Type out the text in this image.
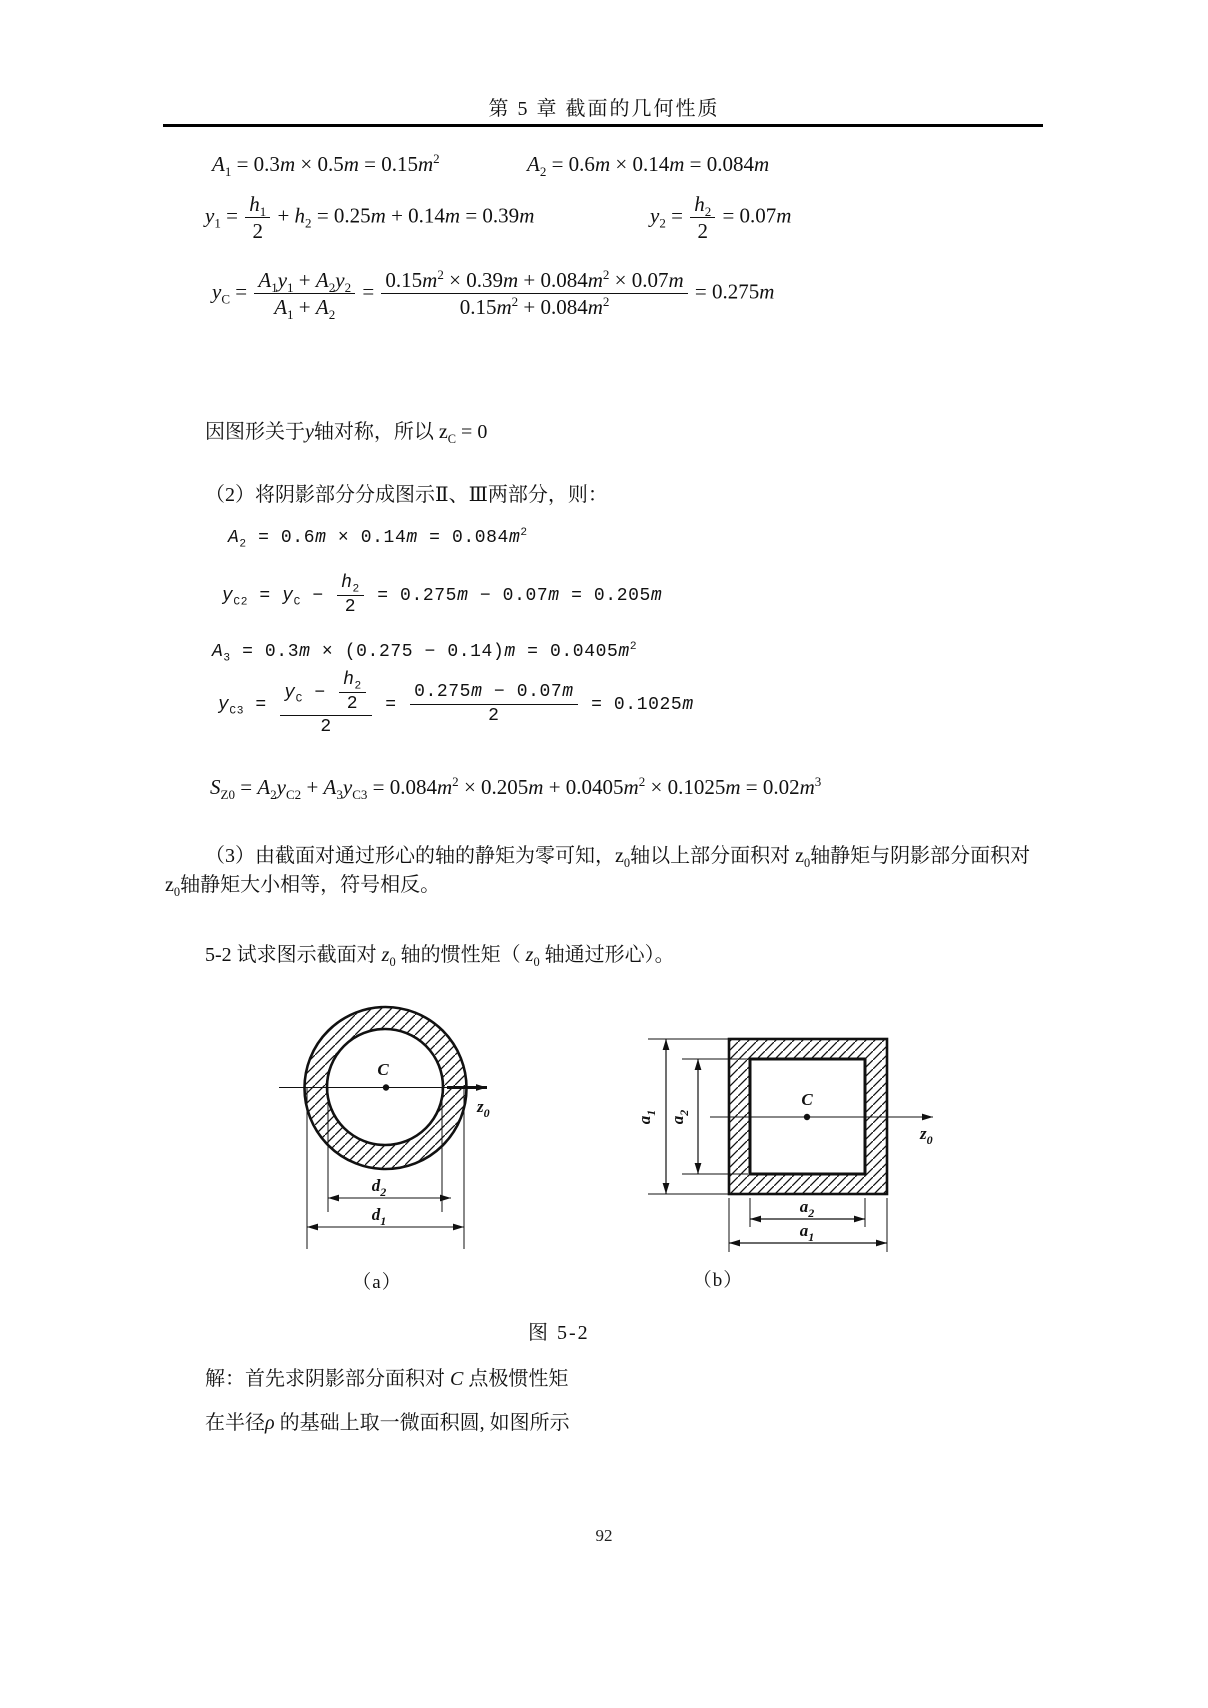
第 5 章 截面的几何性质
$A_1 = 0.3m \times 0.5m = 0.15m^2$	$A_2 = 0.6m \times 0.14m = 0.084m$
$y_1 = \frac{h_1}{2} + h_2 = 0.25m + 0.14m = 0.39m$	$y_2 = \frac{h_2}{2} = 0.07m$
$y_C = \frac{A_1y_1 + A_2y_2}{A_1 + A_2} = \frac{0.15m^2 \times 0.39m + 0.084m^2 \times 0.07m}{0.15m^2 + 0.084m^2} = 0.275m$
因图形关于y轴对称，所以 $z_C = 0$
（2）将阴影部分分成图示Ⅱ、Ⅲ两部分，则：
$A_2 = 0.6m \times 0.14m = 0.084m^2$
$y_{C2} = y_C - \frac{h_2}{2} = 0.275m - 0.07m = 0.205m$
$A_3 = 0.3m \times (0.275 - 0.14)m = 0.0405m^2$
$y_{C3} = \frac{y_C - \frac{h_2}{2}}{2} = \frac{0.275m - 0.07m}{2} = 0.1025m$
$S_{Z0} = A_2y_{C2} + A_3y_{C3} = 0.084m^2 \times 0.205m + 0.0405m^2 \times 0.1025m = 0.02m^3$
（3）由截面对通过形心的轴的静矩为零可知，$z_0$轴以上部分面积对 $z_0$轴静矩与阴影部分面积对 $z_0$轴静矩大小相等，符号相反。
5-2 试求图示截面对 $z_0$ 轴的惯性矩（ $z_0$ 轴通过形心）。
C
$z_0$
$d_2$
$d_1$
（a）
C
$z_0$
$a_1$
$a_2$
$a_2$
$a_1$
（b）
图 5-2
解：首先求阴影部分面积对 C 点极惯性矩
在半径ρ 的基础上取一微面积圆, 如图所示
92
